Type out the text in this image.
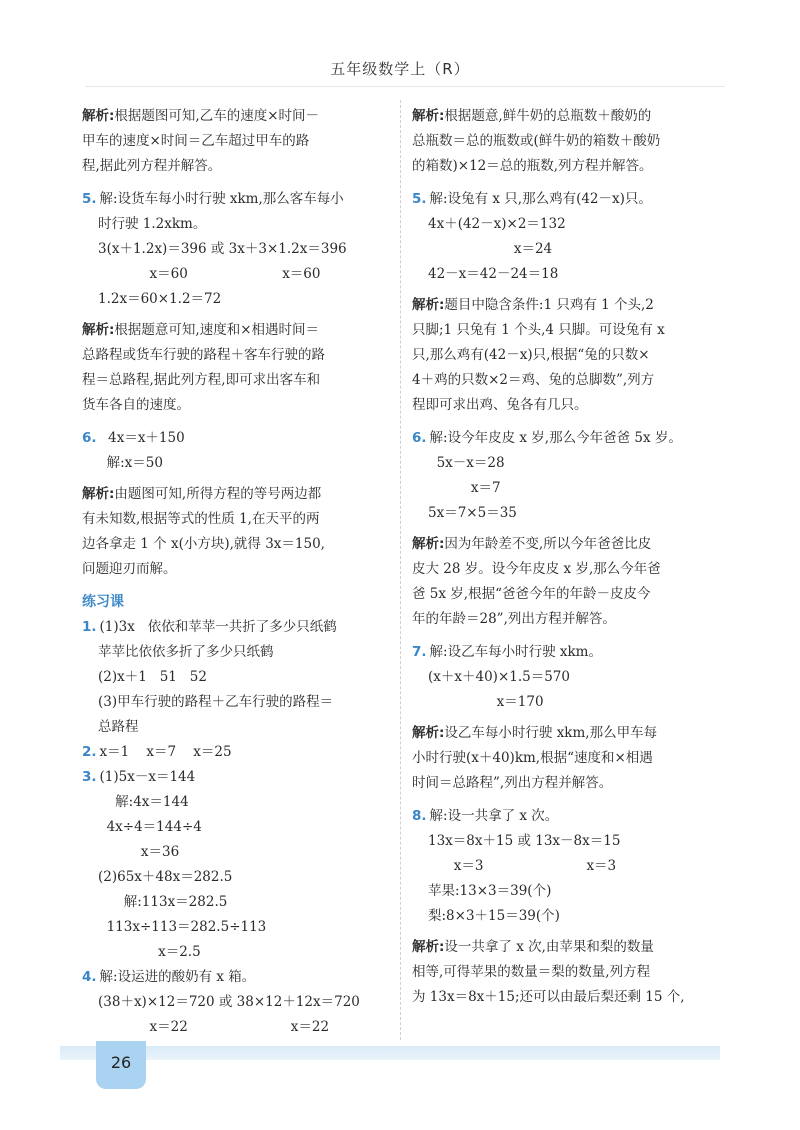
五年级数学上（R）
解析:根据题图可知,乙车的速度×时间－
甲车的速度×时间＝乙车超过甲车的路
程,据此列方程并解答。
5. 解:设货车每小时行驶 xkm,那么客车每小
时行驶 1.2xkm。
3(x＋1.2x)＝396 或 3x＋3×1.2x＝396
x＝60                      x＝60
1.2x＝60×1.2＝72
解析:根据题意可知,速度和×相遇时间＝
总路程或货车行驶的路程＋客车行驶的路
程＝总路程,据此列方程,即可求出客车和
货车各自的速度。
6.  4x＝x＋150
解:x＝50
解析:由题图可知,所得方程的等号两边都
有未知数,根据等式的性质 1,在天平的两
边各拿走 1 个 x(小方块),就得 3x＝150,
问题迎刃而解。
练习课
1. (1)3x   依依和苹苹一共折了多少只纸鹤
苹苹比依依多折了多少只纸鹤
(2)x＋1   51   52
(3)甲车行驶的路程＋乙车行驶的路程＝
总路程
2. x＝1    x＝7    x＝25
3. (1)5x－x＝144
解:4x＝144
4x÷4＝144÷4
x＝36
(2)65x＋48x＝282.5
解:113x＝282.5
113x÷113＝282.5÷113
x＝2.5
4. 解:设运进的酸奶有 x 箱。
(38＋x)×12＝720 或 38×12＋12x＝720
x＝22                        x＝22
解析:根据题意,鲜牛奶的总瓶数＋酸奶的
总瓶数＝总的瓶数或(鲜牛奶的箱数＋酸奶
的箱数)×12＝总的瓶数,列方程并解答。
5. 解:设兔有 x 只,那么鸡有(42－x)只。
4x＋(42－x)×2＝132
x＝24
42－x＝42－24＝18
解析:题目中隐含条件:1 只鸡有 1 个头,2
只脚;1 只兔有 1 个头,4 只脚。可设兔有 x
只,那么鸡有(42－x)只,根据“兔的只数×
4＋鸡的只数×2＝鸡、兔的总脚数”,列方
程即可求出鸡、兔各有几只。
6. 解:设今年皮皮 x 岁,那么今年爸爸 5x 岁。
5x－x＝28
x＝7
5x＝7×5＝35
解析:因为年龄差不变,所以今年爸爸比皮
皮大 28 岁。设今年皮皮 x 岁,那么今年爸
爸 5x 岁,根据“爸爸今年的年龄－皮皮今
年的年龄＝28”,列出方程并解答。
7. 解:设乙车每小时行驶 xkm。
(x＋x＋40)×1.5＝570
x＝170
解析:设乙车每小时行驶 xkm,那么甲车每
小时行驶(x＋40)km,根据“速度和×相遇
时间＝总路程”,列出方程并解答。
8. 解:设一共拿了 x 次。
13x＝8x＋15 或 13x－8x＝15
x＝3                        x＝3
苹果:13×3＝39(个)
梨:8×3＋15＝39(个)
解析:设一共拿了 x 次,由苹果和梨的数量
相等,可得苹果的数量＝梨的数量,列方程
为 13x＝8x＋15;还可以由最后梨还剩 15 个,
26
